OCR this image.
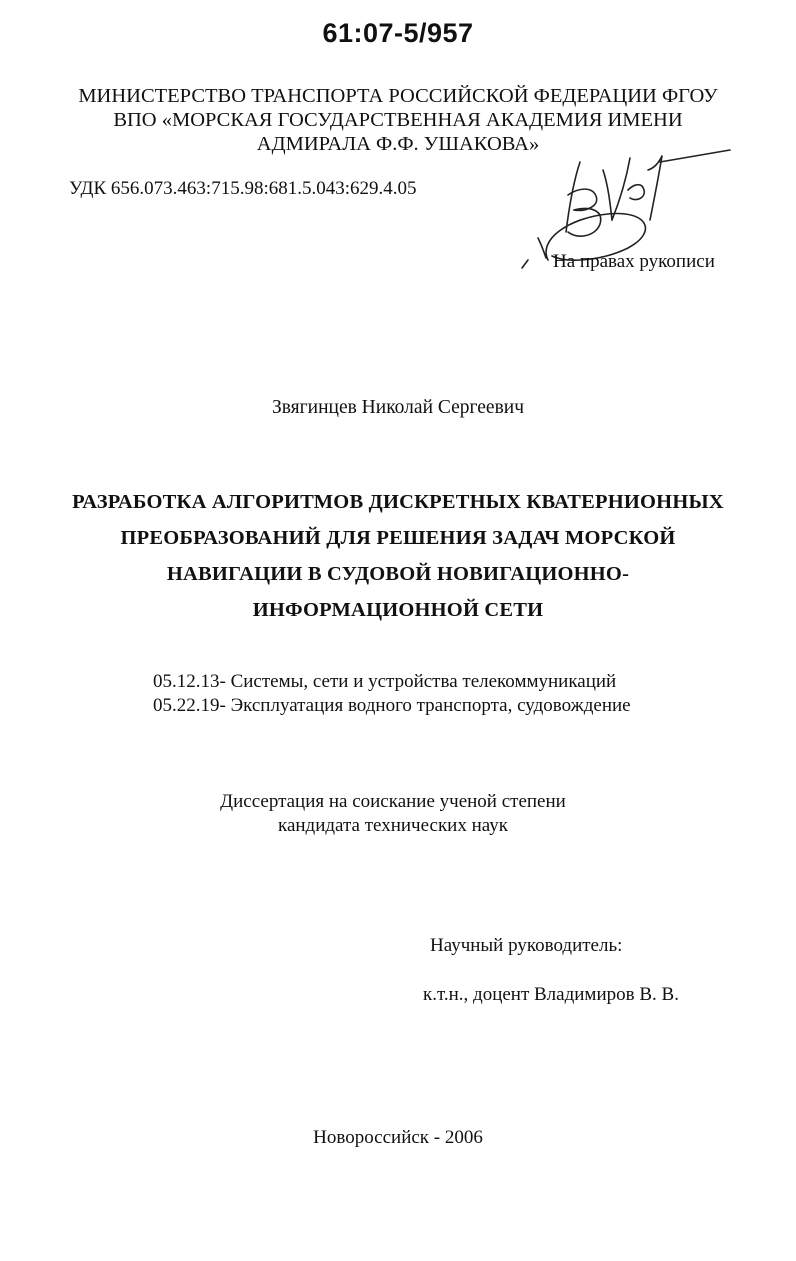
61:07-5/957
МИНИСТЕРСТВО ТРАНСПОРТА РОССИЙСКОЙ ФЕДЕРАЦИИ ФГОУ
ВПО «МОРСКАЯ ГОСУДАРСТВЕННАЯ АКАДЕМИЯ ИМЕНИ
АДМИРАЛА Ф.Ф. УШАКОВА»
УДК 656.073.463:715.98:681.5.043:629.4.05
На правах рукописи
Звягинцев Николай Сергеевич
РАЗРАБОТКА АЛГОРИТМОВ ДИСКРЕТНЫХ КВАТЕРНИОННЫХ
ПРЕОБРАЗОВАНИЙ ДЛЯ РЕШЕНИЯ ЗАДАЧ МОРСКОЙ
НАВИГАЦИИ В СУДОВОЙ НОВИГАЦИОННО-
ИНФОРМАЦИОННОЙ СЕТИ
05.12.13- Системы, сети и устройства телекоммуникаций
05.22.19- Эксплуатация водного транспорта, судовождение
Диссертация на соискание ученой степени
кандидата технических наук
Научный руководитель:
к.т.н., доцент Владимиров В. В.
Новороссийск - 2006
